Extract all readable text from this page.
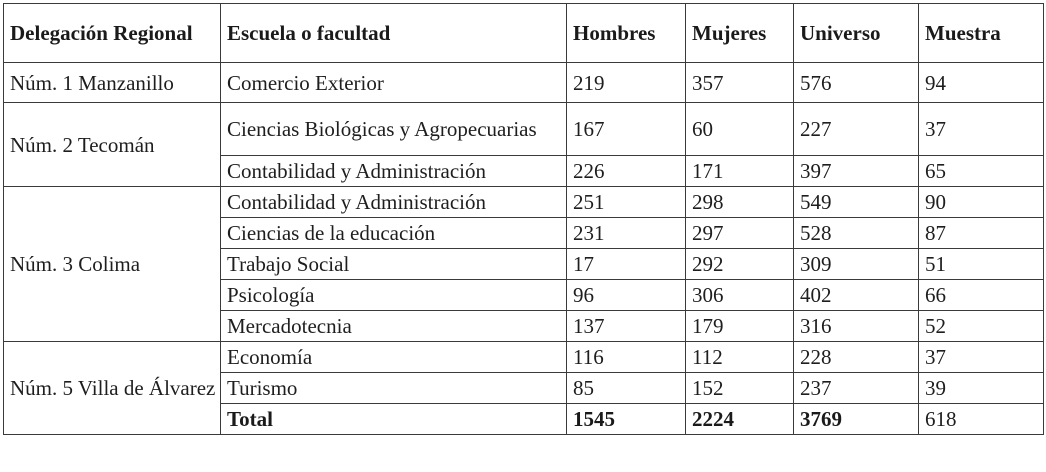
Delegación Regional	Escuela o facultad	Hombres	Mujeres	Universo	Muestra
Núm. 1 Manzanillo	Comercio Exterior	219	357	576	94
Núm. 2 Tecomán	Ciencias Biológicas y Agropecuarias	167	60	227	37
	Contabilidad y Administración	226	171	397	65
Núm. 3 Colima	Contabilidad y Administración	251	298	549	90
	Ciencias de la educación	231	297	528	87
	Trabajo Social	17	292	309	51
	Psicología	96	306	402	66
	Mercadotecnia	137	179	316	52
Núm. 5 Villa de Álvarez	Economía	116	112	228	37
	Turismo	85	152	237	39
	Total	1545	2224	3769	618
